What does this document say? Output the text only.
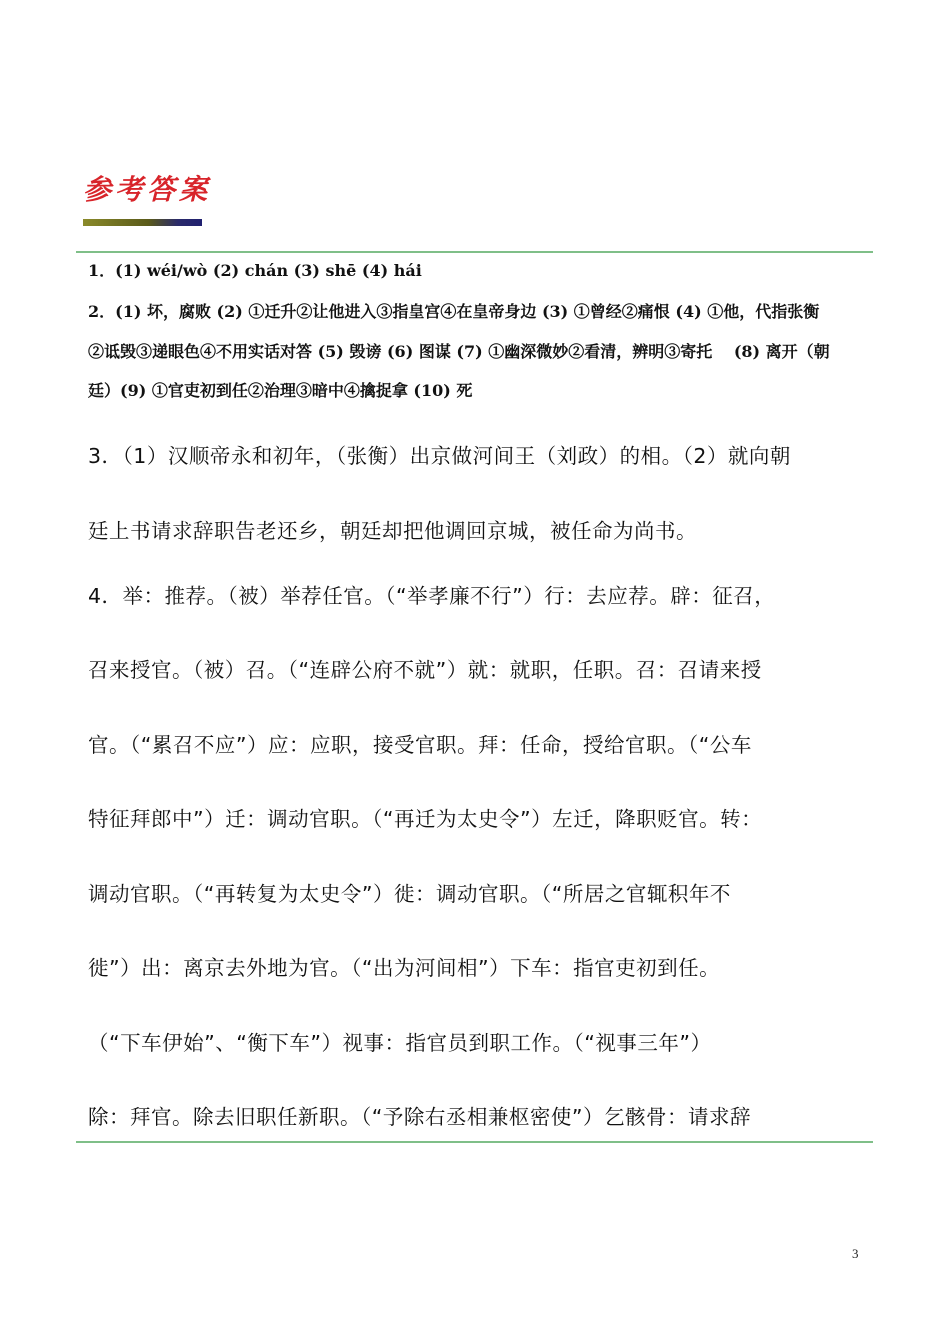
参考答案
1．(1) wéi/wò (2) chán (3) shē (4) hái
2．(1) 坏，腐败 (2) ①迁升②让他进入③指皇宫④在皇帝身边 (3) ①曾经②痛恨 (4) ①他，代指张衡
②诋毁③递眼色④不用实话对答 (5) 毁谤 (6) 图谋 (7) ①幽深微妙②看清，辨明③寄托　 (8) 离开（朝
廷）(9) ①官吏初到任②治理③暗中④擒捉拿 (10) 死
3．（1）汉顺帝永和初年，（张衡）出京做河间王（刘政）的相。（2）就向朝
廷上书请求辞职告老还乡，朝廷却把他调回京城，被任命为尚书。
4．举：推荐。（被）举荐任官。（“举孝廉不行”）行：去应荐。辟：征召，
召来授官。（被）召。（“连辟公府不就”）就：就职，任职。召：召请来授
官。（“累召不应”）应：应职，接受官职。拜：任命，授给官职。（“公车
特征拜郎中”）迁：调动官职。（“再迁为太史令”）左迁，降职贬官。转：
调动官职。（“再转复为太史令”）徙：调动官职。（“所居之官辄积年不
徙”）出：离京去外地为官。（“出为河间相”）下车：指官吏初到任。
（“下车伊始”、“衡下车”）视事：指官员到职工作。（“视事三年”）
除：拜官。除去旧职任新职。（“予除右丞相兼枢密使”）乞骸骨：请求辞
3
